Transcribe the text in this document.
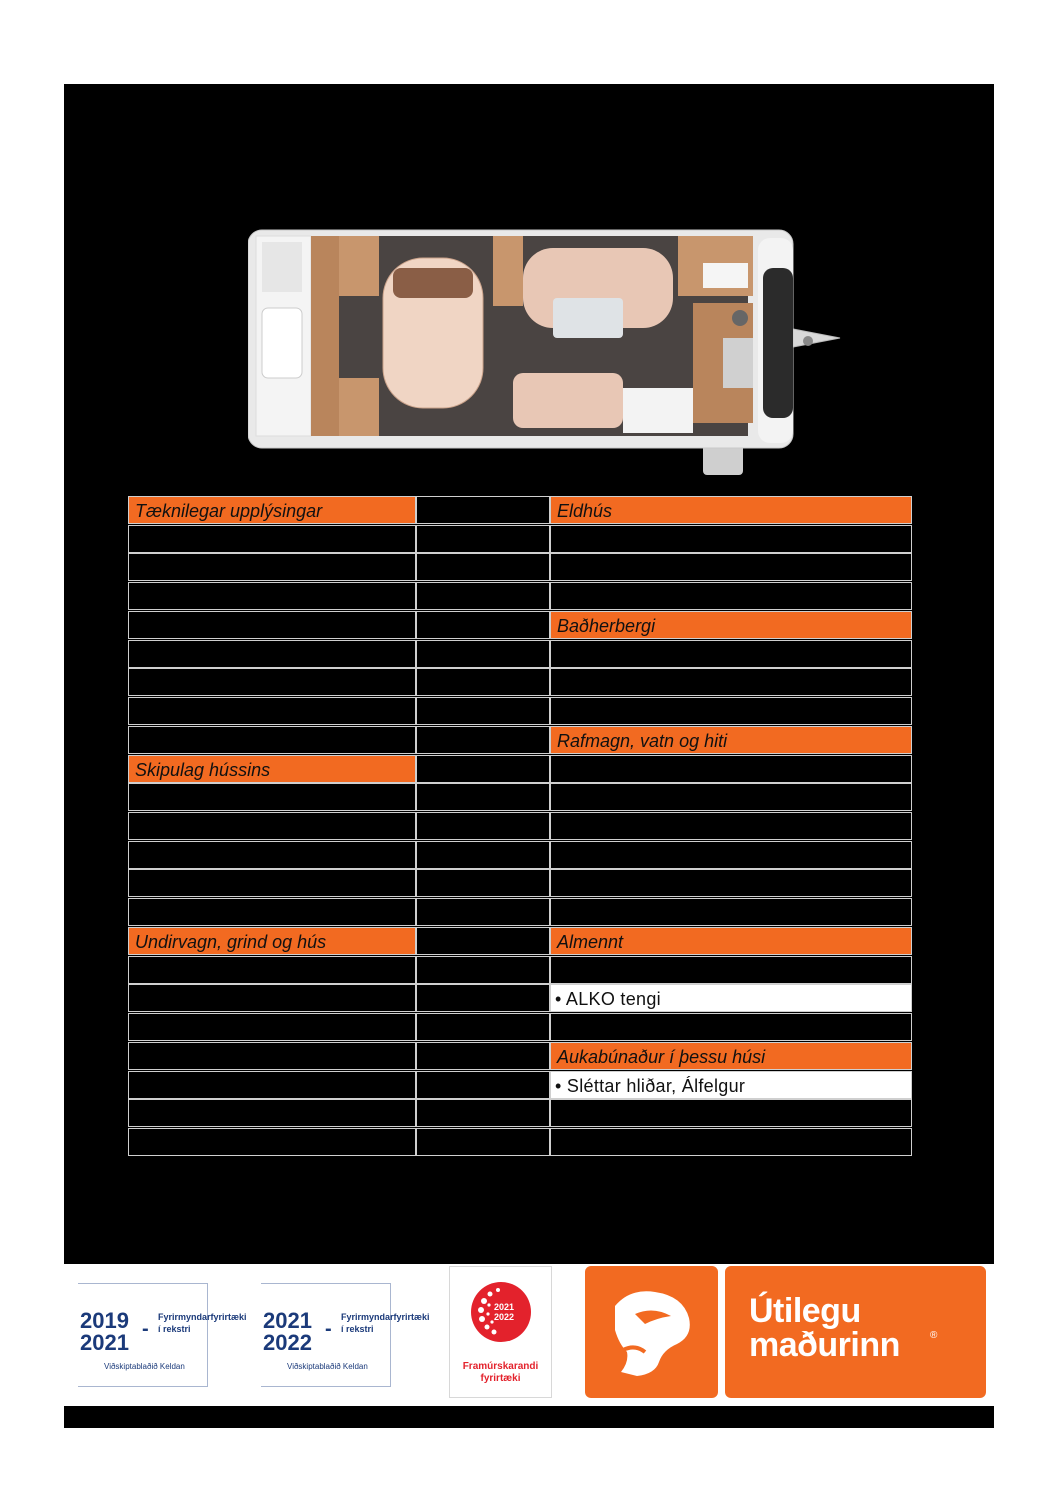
Tæknilegar upplýsingar
Skipulag hússins
Undirvagn, grind og hús
Eldhús
Baðherbergi
Rafmagn, vatn og hiti
Almennt
• ALKO tengi
Aukabúnaður í þessu húsi
• Sléttar hliðar, Álfelgur
2019 -
2021
Fyrirmyndarfyrirtæki
í rekstri
Viðskiptablaðið Keldan
2021 -
2022
Fyrirmyndarfyrirtæki
í rekstri
Viðskiptablaðið Keldan
2021
2022
Framúrskarandi
fyrirtæki
Útilegu
maðurinn	®
